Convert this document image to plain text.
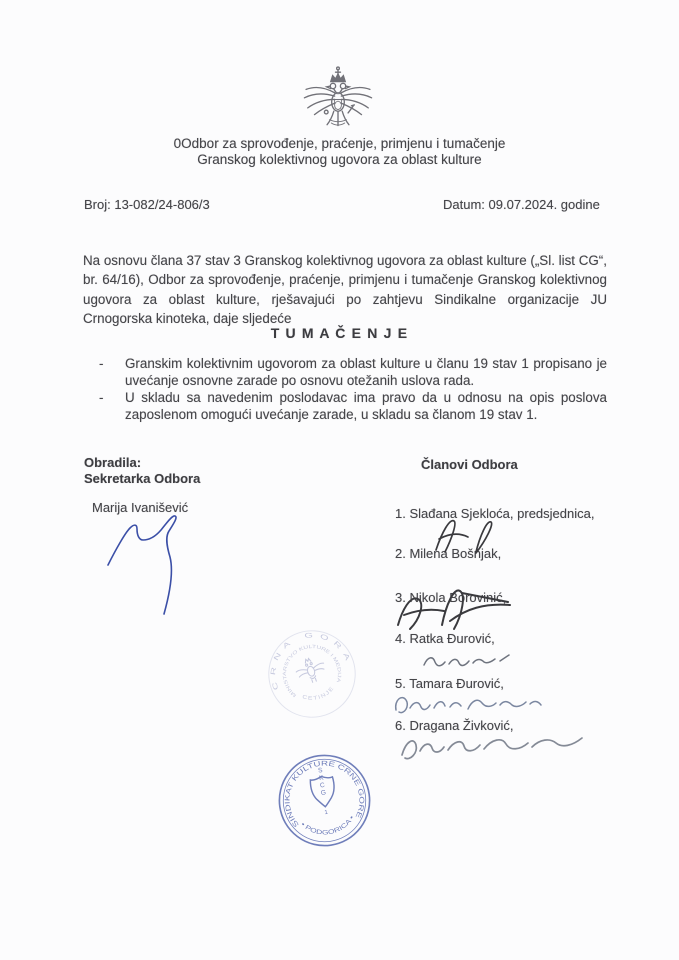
0Odbor za sprovođenje, praćenje, primjenu i tumačenje
Granskog kolektivnog ugovora za oblast kulture
Broj: 13-082/24-806/3	Datum: 09.07.2024. godine
Na osnovu člana 37 stav 3 Granskog kolektivnog ugovora za oblast kulture („Sl. list CG“, br. 64/16), Odbor za sprovođenje, praćenje, primjenu i tumačenje Granskog kolektivnog ugovora za oblast kulture, rješavajući po zahtjevu Sindikalne organizacije JU Crnogorska kinoteka, daje sljedeće
T U M A Č E N J E
-	Granskim kolektivnim ugovorom za oblast kulture u članu 19 stav 1 propisano je uvećanje osnovne zarade po osnovu otežanih uslova rada.
-	U skladu sa navedenim poslodavac ima pravo da u odnosu na opis poslova zaposlenom omogući uvećanje zarade, u skladu sa članom 19 stav 1.
Obradila:
Sekretarka Odbora
Marija Ivanišević
Članovi Odbora
1. Slađana Sjekloća, predsjednica,
2. Milena Bošnjak,
3. Nikola Borovinić,
4. Ratka Đurović,
5. Tamara Đurović,
6. Dragana Živković,
CRNA GORA
MINISTARSTVO KULTURE I MEDIJA
CETINJE
SINDIKAT KULTURE CRNE GORE
• PODGORICA •
SKCG
1
